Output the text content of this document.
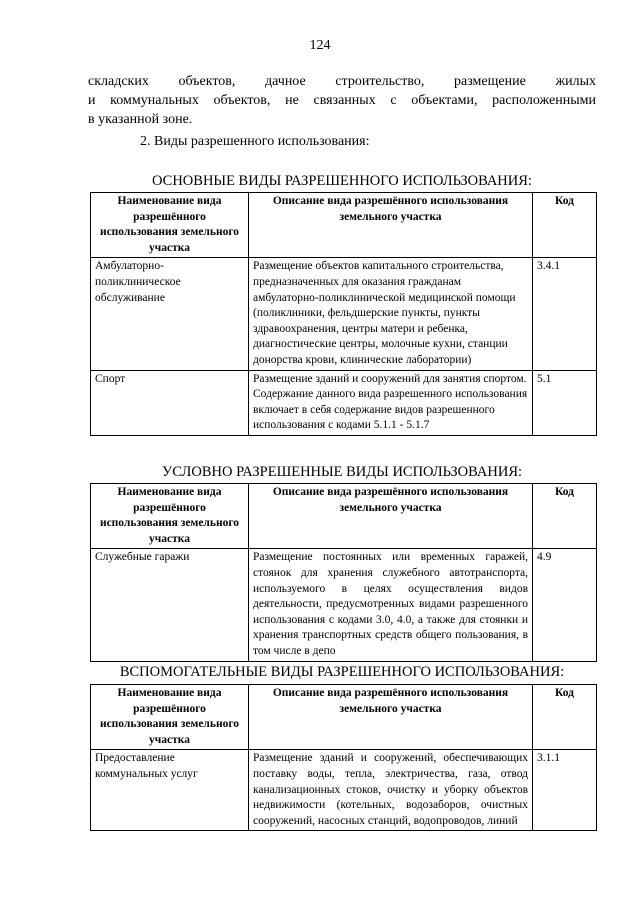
124
складских объектов, дачное строительство, размещение жилых
и коммунальных объектов, не связанных с объектами, расположенными
в указанной зоне.
2. Виды разрешенного использования:
ОСНОВНЫЕ ВИДЫ РАЗРЕШЕННОГО ИСПОЛЬЗОВАНИЯ:
Наименование вида разрешённого использования земельного участка	Описание вида разрешённого использования земельного участка	Код
Амбулаторно-поликлиническое обслуживание	Размещение объектов капитального строительства, предназначенных для оказания гражданам амбулаторно-поликлинической медицинской помощи (поликлиники, фельдшерские пункты, пункты здравоохранения, центры матери и ребенка, диагностические центры, молочные кухни, станции донорства крови, клинические лаборатории)	3.4.1
Спорт	Размещение зданий и сооружений для занятия спортом. Содержание данного вида разрешенного использования включает в себя содержание видов разрешенного использования с кодами 5.1.1 - 5.1.7	5.1
УСЛОВНО РАЗРЕШЕННЫЕ ВИДЫ ИСПОЛЬЗОВАНИЯ:
Наименование вида разрешённого использования земельного участка	Описание вида разрешённого использования земельного участка	Код
Служебные гаражи	Размещение постоянных или временных гаражей, стоянок для хранения служебного автотранспорта, используемого в целях осуществления видов деятельности, предусмотренных видами разрешенного использования с кодами 3.0, 4.0, а также для стоянки и хранения транспортных средств общего пользования, в том числе в депо	4.9
ВСПОМОГАТЕЛЬНЫЕ ВИДЫ РАЗРЕШЕННОГО ИСПОЛЬЗОВАНИЯ:
Наименование вида разрешённого использования земельного участка	Описание вида разрешённого использования земельного участка	Код
Предоставление коммунальных услуг	Размещение зданий и сооружений, обеспечивающих поставку воды, тепла, электричества, газа, отвод канализационных стоков, очистку и уборку объектов недвижимости (котельных, водозаборов, очистных сооружений, насосных станций, водопроводов, линий	3.1.1
